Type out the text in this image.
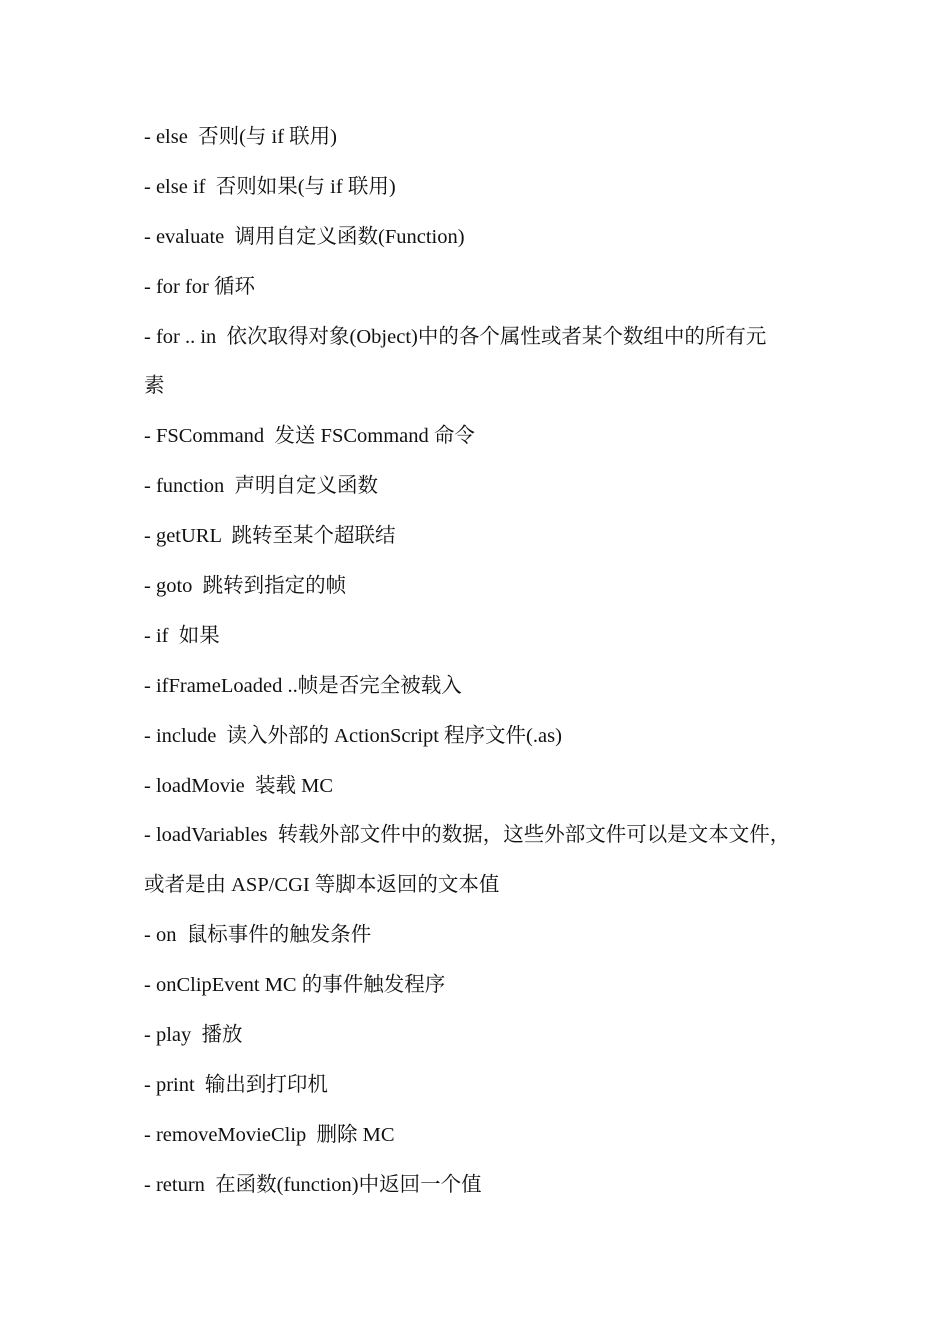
- else  否则(与 if 联用)
- else if  否则如果(与 if 联用)
- evaluate  调用自定义函数(Function)
- for for 循环
- for .. in  依次取得对象(Object)中的各个属性或者某个数组中的所有元
素
- FSCommand  发送 FSCommand 命令
- function  声明自定义函数
- getURL  跳转至某个超联结
- goto  跳转到指定的帧
- if  如果
- ifFrameLoaded ..帧是否完全被载入
- include  读入外部的 ActionScript 程序文件(.as)
- loadMovie  装载 MC
- loadVariables  转载外部文件中的数据，这些外部文件可以是文本文件，
或者是由 ASP/CGI 等脚本返回的文本值
- on  鼠标事件的触发条件
- onClipEvent MC 的事件触发程序
- play  播放
- print  输出到打印机
- removeMovieClip  删除 MC
- return  在函数(function)中返回一个值
